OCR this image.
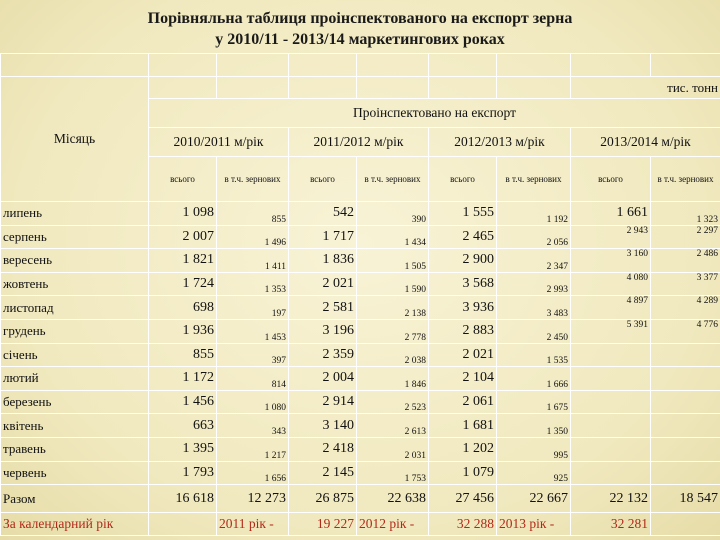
Порівняльна таблиця проінспектованого на експорт зерна
у 2010/11 - 2013/14 маркетингових роках

Місяць							тис. тонн	
	Проінспектовано на експорт							
	2010/2011 м/рік		2011/2012 м/рік		2012/2013 м/рік		2013/2014 м/рік	
	всього	в т.ч. зернових	всього	в т.ч. зернових	всього	в т.ч. зернових	всього	в т.ч. зернових
липень	1 098	855	542	390	1 555	1 192	1 661	1 323
серпень	2 007	1 496	1 717	1 434	2 465	2 056	2 943	2 297
вересень	1 821	1 411	1 836	1 505	2 900	2 347	3 160	2 486
жовтень	1 724	1 353	2 021	1 590	3 568	2 993	4 080	3 377
листопад	698	197	2 581	2 138	3 936	3 483	4 897	4 289
грудень	1 936	1 453	3 196	2 778	2 883	2 450	5 391	4 776
січень	855	397	2 359	2 038	2 021	1 535		
лютий	1 172	814	2 004	1 846	2 104	1 666		
березень	1 456	1 080	2 914	2 523	2 061	1 675		
квітень	663	343	3 140	2 613	1 681	1 350		
травень	1 395	1 217	2 418	2 031	1 202	995		
червень	1 793	1 656	2 145	1 753	1 079	925		
Разом	16 618	12 273	26 875	22 638	27 456	22 667	22 132	18 547
За календарний рік		2011 рік -	19 227	2012 рік -	32 288	2013 рік -	32 281	
